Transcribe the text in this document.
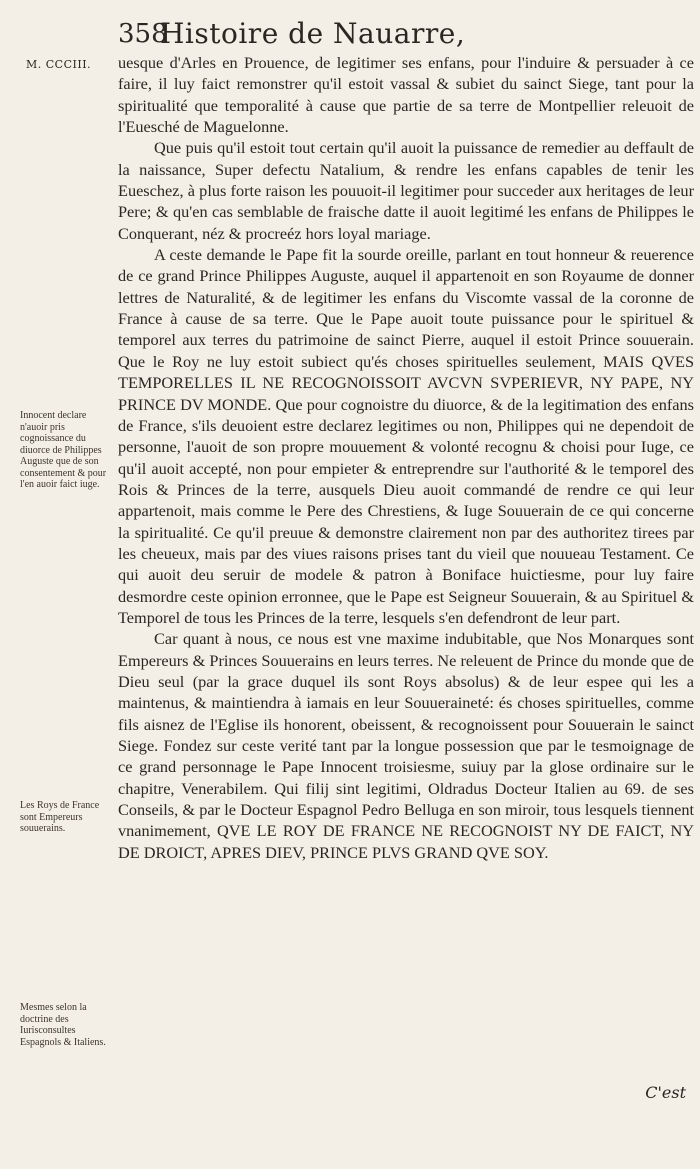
358
Histoire de Nauarre,
M. CCCIII. uesque d'Arles en Prouence, de legitimer ses enfans, pour l'induire & persuader à ce faire, il luy faict remonstrer qu'il estoit vassal & subiet du sainct Siege, tant pour la spiritualité que temporalité à cause que partie de sa terre de Montpellier releuoit de l'Euesché de Maguelonne.

Que puis qu'il estoit tout certain qu'il auoit la puissance de remedier au deffault de la naissance, Super defectu Natalium, & rendre les enfans capables de tenir les Eueschez, à plus forte raison les pouuoit-il legitimer pour succeder aux heritages de leur Pere; & qu'en cas semblable de fraische datte il auoit legitimé les enfans de Philippes le Conquerant, néz & procreéz hors loyal mariage.

A ceste demande le Pape fit la sourde oreille, parlant en tout honneur & reuerence de ce grand Prince Philippes Auguste, auquel il appartenoit en son Royaume de donner lettres de Naturalité, & de legitimer les enfans du Viscomte vassal de la coronne de France à cause de sa terre. Que le Pape auoit toute puissance pour le spirituel & temporel aux terres du patrimoine de sainct Pierre, auquel il estoit Prince souuerain. Que le Roy ne luy estoit subiect qu'és choses spirituelles seulement, MAIS QVES TEMPORELLES IL NE RECOGNOISSOIT AVCVN SVPERIEVR, NY PAPE, NY PRINCE DV MONDE. Que pour cognoistre du diuorce, & de la legitimation des enfans de France, s'ils deuoient estre declarez legitimes ou non, Philippes qui ne dependoit de personne, l'auoit de son propre mouuement & volonté recognu & choisi pour Iuge, ce qu'il auoit accepté, non pour empieter & entreprendre sur l'authorité & le temporel des Rois & Princes de la terre, ausquels Dieu auoit commandé de rendre ce qui leur appartenoit, mais comme le Pere des Chrestiens, & Iuge Souuerain de ce qui concerne la spiritualité. Ce qu'il preuue & demonstre clairement non par des authoritez tirees par les cheueux, mais par des viues raisons prises tant du vieil que nouueau Testament. Ce qui auoit deu seruir de modele & patron à Boniface huictiesme, pour luy faire desmordre ceste opinion erronnee, que le Pape est Seigneur Souuerain, & au Spirituel & Temporel de tous les Princes de la terre, lesquels s'en defendront de leur part.

Car quant à nous, ce nous est vne maxime indubitable, que Nos Monarques sont Empereurs & Princes Souuerains en leurs terres. Ne releuent de Prince du monde que de Dieu seul (par la grace duquel ils sont Roys absolus) & de leur espee qui les a maintenus, & maintiendra à iamais en leur Souueraineté: és choses spirituelles, comme fils aisnez de l'Eglise ils honorent, obeissent, & recognoissent pour Souuerain le sainct Siege. Fondez sur ceste verité tant par la longue possession que par le tesmoignage de ce grand personnage le Pape Innocent troisiesme, suiuy par la glose ordinaire sur le chapitre, Venerabilem. Qui filij sint legitimi, Oldradus Docteur Italien au 69. de ses Conseils, & par le Docteur Espagnol Pedro Belluga en son miroir, tous lesquels tiennent vnanimement, QVE LE ROY DE FRANCE NE RECOGNOIST NY DE FAICT, NY DE DROICT, APRES DIEV, PRINCE PLVS GRAND QVE SOY.

Innocent declare n'auoir pris cognoissance du diuorce de Philippes Auguste que de son consentement & pour l'en auoir faict iuge.
Les Roys de France sont Empereurs souuerains.
Mesmes selon la doctrine des Iurisconsultes Espagnols & Italiens.
C'est
